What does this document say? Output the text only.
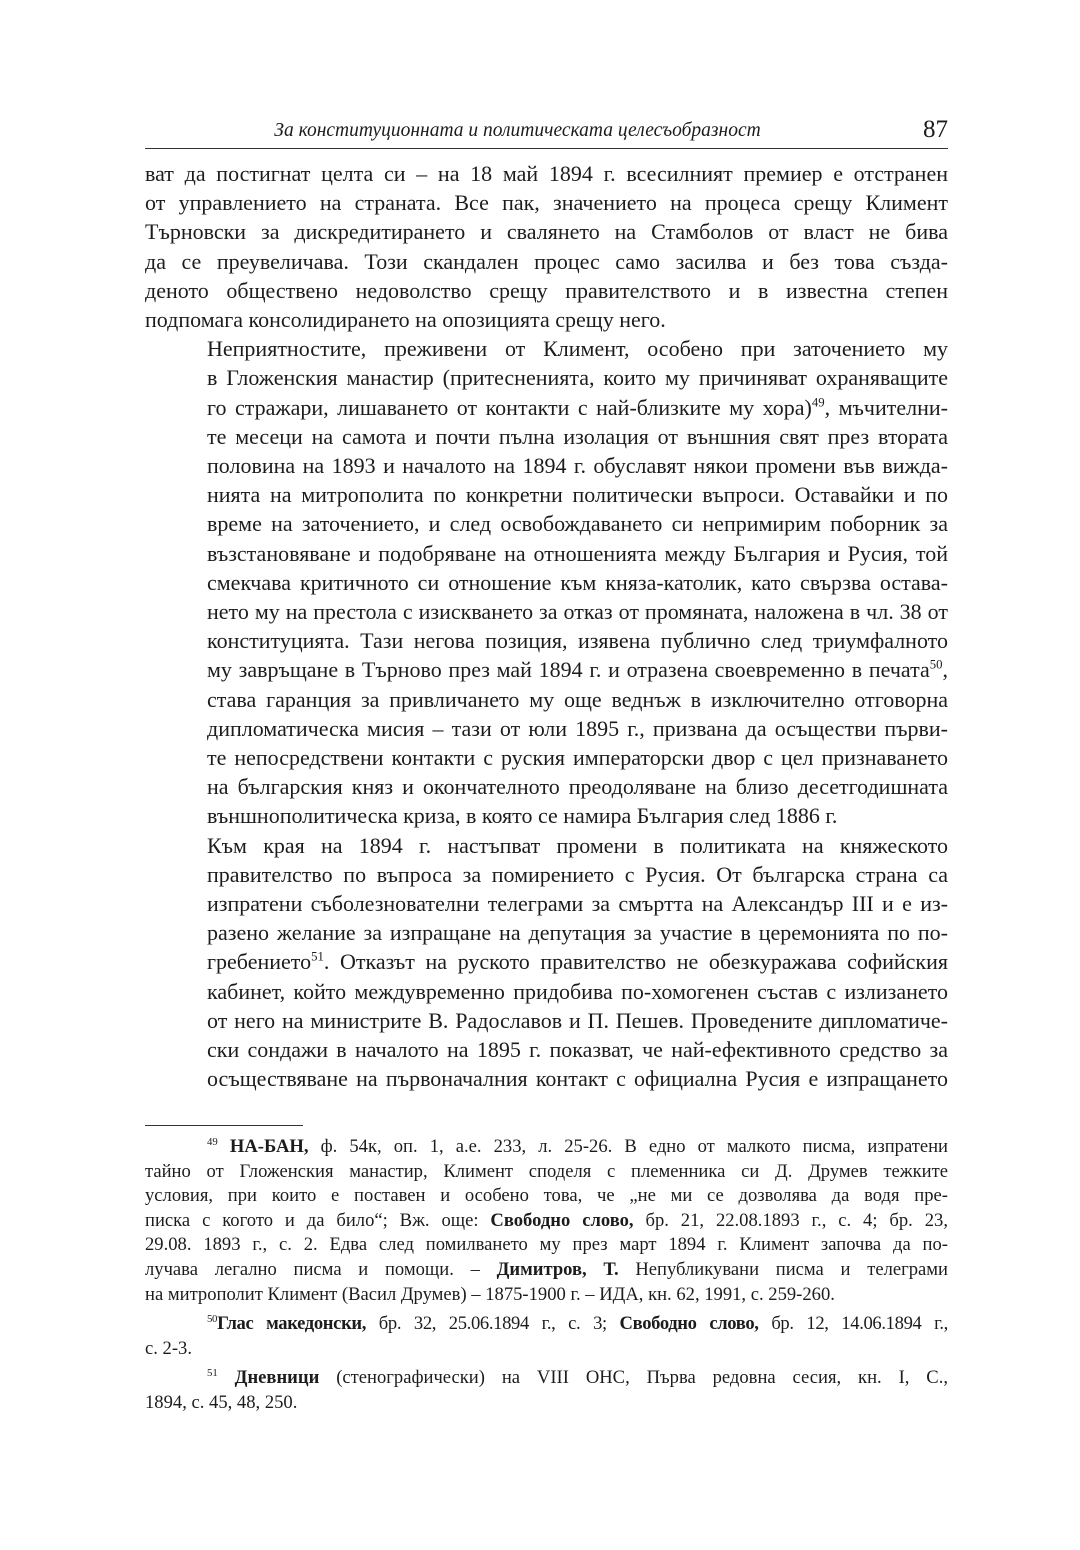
За конституционната и политическата целесъобразност	87

ват да постигнат целта си – на 18 май 1894 г. всесилният премиер е отстранен
от управлението на страната. Все пак, значението на процеса срещу Климент
Търновски за дискредитирането и свалянето на Стамболов от власт не бива
да се преувеличава. Този скандален процес само засилва и без това създа-
деното обществено недоволство срещу правителството и в известна степен
подпомага консолидирането на опозицията срещу него.

Неприятностите, преживени от Климент, особено при заточението му
в Гложенския манастир (притесненията, които му причиняват охраняващите
го стражари, лишаването от контакти с най-близките му хора)$^{49}$, мъчителни-
те месеци на самота и почти пълна изолация от външния свят през втората
половина на 1893 и началото на 1894 г. обуславят някои промени във вижда-
нията на митрополита по конкретни политически въпроси. Оставайки и по
време на заточението, и след освобождаването си непримирим поборник за
възстановяване и подобряване на отношенията между България и Русия, той
смекчава критичното си отношение към княза-католик, като свързва остава-
нето му на престола с изискването за отказ от промяната, наложена в чл. 38 от
конституцията. Тази негова позиция, изявена публично след триумфалното
му завръщане в Търново през май 1894 г. и отразена своевременно в печата$^{50}$,
става гаранция за привличането му още веднъж в изключително отговорна
дипломатическа мисия – тази от юли 1895 г., призвана да осъществи първи-
те непосредствени контакти с руския императорски двор с цел признаването
на българския княз и окончателното преодоляване на близо десетгодишната
външнополитическа криза, в която се намира България след 1886 г.

Към края на 1894 г. настъпват промени в политиката на княжеското
правителство по въпроса за помирението с Русия. От българска страна са
изпратени съболезнователни телеграми за смъртта на Александър III и е из-
разено желание за изпращане на депутация за участие в церемонията по по-
гребението$^{51}$. Отказът на руското правителство не обезкуражава софийския
кабинет, който междувременно придобива по-хомогенен състав с излизането
от него на министрите В. Радославов и П. Пешев. Проведените дипломатиче-
ски сондажи в началото на 1895 г. показват, че най-ефективното средство за
осъществяване на първоначалния контакт с официална Русия е изпращането

$^{49}$ НА-БАН, ф. 54к, оп. 1, а.е. 233, л. 25-26. В едно от малкото писма, изпратени
тайно от Гложенския манастир, Климент споделя с племенника си Д. Друмев тежките
условия, при които е поставен и особено това, че „не ми се дозволява да водя пре-
писка с когото и да било“; Вж. още: Свободно слово, бр. 21, 22.08.1893 г., с. 4; бр. 23,
29.08. 1893 г., с. 2. Едва след помилването му през март 1894 г. Климент започва да по-
лучава легално писма и помощи. – Димитров, Т. Непубликувани писма и телеграми
на митрополит Климент (Васил Друмев) – 1875-1900 г. – ИДА, кн. 62, 1991, с. 259-260.
$^{50}$Глас македонски, бр. 32, 25.06.1894 г., с. 3; Свободно слово, бр. 12, 14.06.1894 г.,
с. 2-3.
$^{51}$ Дневници (стенографически) на VIII ОНС, Първа редовна сесия, кн. I, С.,
1894, с. 45, 48, 250.
